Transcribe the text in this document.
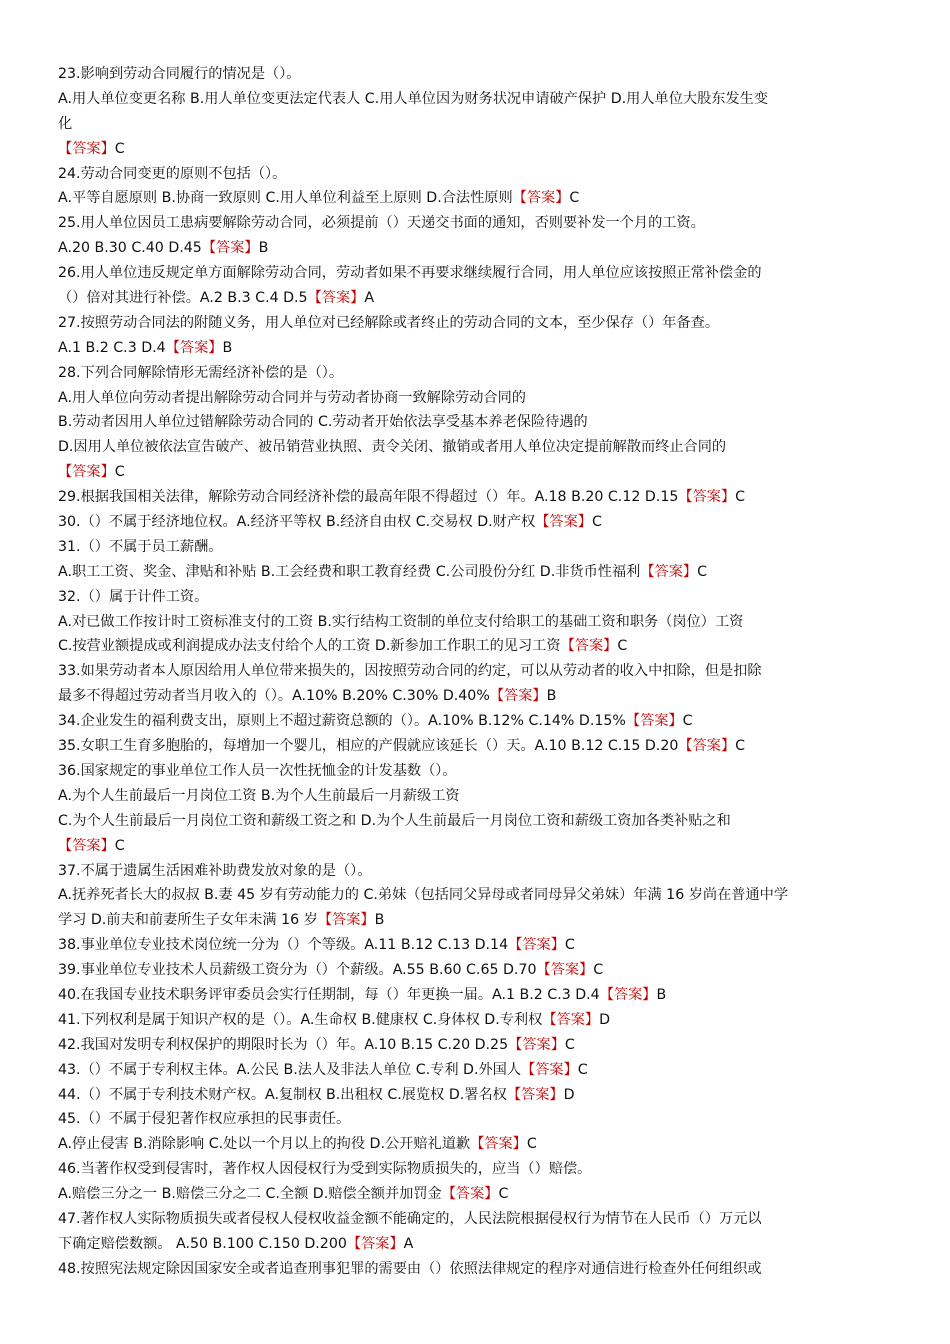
23.影响到劳动合同履行的情况是（）。
A.用人单位变更名称 B.用人单位变更法定代表人 C.用人单位因为财务状况申请破产保护 D.用人单位大股东发生变
化
【答案】C
24.劳动合同变更的原则不包括（）。
A.平等自愿原则 B.协商一致原则 C.用人单位利益至上原则 D.合法性原则【答案】C
25.用人单位因员工患病要解除劳动合同，必须提前（）天递交书面的通知，否则要补发一个月的工资。
A.20 B.30 C.40 D.45【答案】B
26.用人单位违反规定单方面解除劳动合同，劳动者如果不再要求继续履行合同，用人单位应该按照正常补偿金的
（）倍对其进行补偿。A.2 B.3 C.4 D.5【答案】A
27.按照劳动合同法的附随义务，用人单位对已经解除或者终止的劳动合同的文本，至少保存（）年备查。
A.1 B.2 C.3 D.4【答案】B
28.下列合同解除情形无需经济补偿的是（）。
A.用人单位向劳动者提出解除劳动合同并与劳动者协商一致解除劳动合同的
B.劳动者因用人单位过错解除劳动合同的 C.劳动者开始依法享受基本养老保险待遇的
D.因用人单位被依法宣告破产、被吊销营业执照、责令关闭、撤销或者用人单位决定提前解散而终止合同的
【答案】C
29.根据我国相关法律，解除劳动合同经济补偿的最高年限不得超过（）年。A.18 B.20 C.12 D.15【答案】C
30.（）不属于经济地位权。A.经济平等权 B.经济自由权 C.交易权 D.财产权【答案】C
31.（）不属于员工薪酬。
A.职工工资、奖金、津贴和补贴 B.工会经费和职工教育经费 C.公司股份分红 D.非货币性福利【答案】C
32.（）属于计件工资。
A.对已做工作按计时工资标准支付的工资 B.实行结构工资制的单位支付给职工的基础工资和职务（岗位）工资
C.按营业额提成或利润提成办法支付给个人的工资 D.新参加工作职工的见习工资【答案】C
33.如果劳动者本人原因给用人单位带来损失的，因按照劳动合同的约定，可以从劳动者的收入中扣除，但是扣除
最多不得超过劳动者当月收入的（）。A.10% B.20% C.30% D.40%【答案】B
34.企业发生的福利费支出，原则上不超过薪资总额的（）。A.10% B.12% C.14% D.15%【答案】C
35.女职工生育多胞胎的，每增加一个婴儿，相应的产假就应该延长（）天。A.10 B.12 C.15 D.20【答案】C
36.国家规定的事业单位工作人员一次性抚恤金的计发基数（）。
A.为个人生前最后一月岗位工资 B.为个人生前最后一月薪级工资
C.为个人生前最后一月岗位工资和薪级工资之和 D.为个人生前最后一月岗位工资和薪级工资加各类补贴之和
【答案】C
37.不属于遗属生活困难补助费发放对象的是（）。
A.抚养死者长大的叔叔 B.妻 45 岁有劳动能力的 C.弟妹（包括同父异母或者同母异父弟妹）年满 16 岁尚在普通中学
学习 D.前夫和前妻所生子女年未满 16 岁【答案】B
38.事业单位专业技术岗位统一分为（）个等级。A.11 B.12 C.13 D.14【答案】C
39.事业单位专业技术人员薪级工资分为（）个薪级。A.55 B.60 C.65 D.70【答案】C
40.在我国专业技术职务评审委员会实行任期制，每（）年更换一届。A.1 B.2 C.3 D.4【答案】B
41.下列权利是属于知识产权的是（）。A.生命权 B.健康权 C.身体权 D.专利权【答案】D
42.我国对发明专利权保护的期限时长为（）年。A.10 B.15 C.20 D.25【答案】C
43.（）不属于专利权主体。A.公民 B.法人及非法人单位 C.专利 D.外国人【答案】C
44.（）不属于专利技术财产权。A.复制权 B.出租权 C.展览权 D.署名权【答案】D
45.（）不属于侵犯著作权应承担的民事责任。
A.停止侵害 B.消除影响 C.处以一个月以上的拘役 D.公开赔礼道歉【答案】C
46.当著作权受到侵害时，著作权人因侵权行为受到实际物质损失的，应当（）赔偿。
A.赔偿三分之一 B.赔偿三分之二 C.全额 D.赔偿全额并加罚金【答案】C
47.著作权人实际物质损失或者侵权人侵权收益金额不能确定的，人民法院根据侵权行为情节在人民币（）万元以
下确定赔偿数额。 A.50 B.100 C.150 D.200【答案】A
48.按照宪法规定除因国家安全或者追查刑事犯罪的需要由（）依照法律规定的程序对通信进行检查外任何组织或
